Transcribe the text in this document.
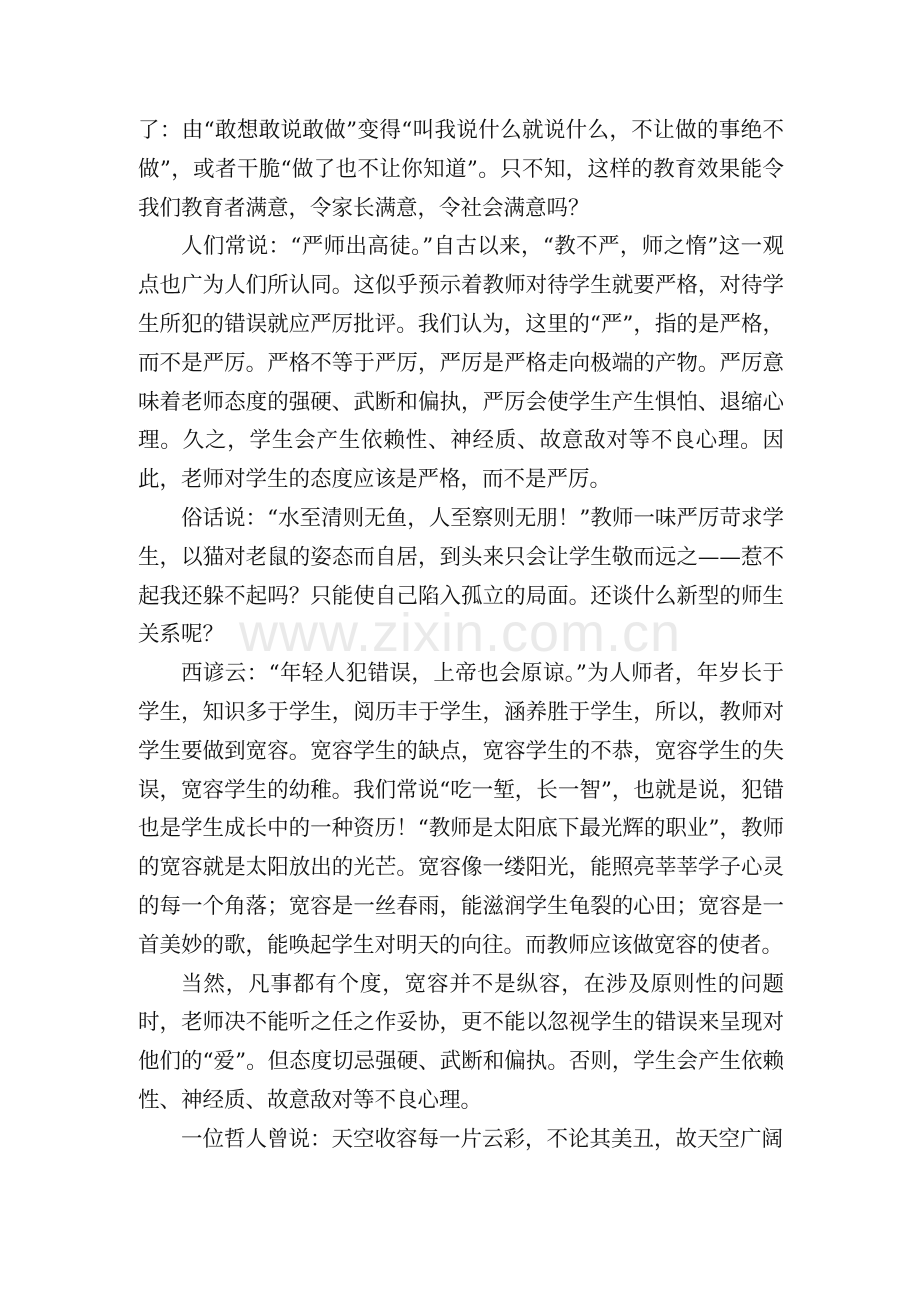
了：由“敢想敢说敢做”变得“叫我说什么就说什么，不让做的事绝不做”，或者干脆“做了也不让你知道”。只不知，这样的教育效果能令我们教育者满意，令家长满意，令社会满意吗？

人们常说：“严师出高徒。”自古以来，“教不严，师之惰”这一观点也广为人们所认同。这似乎预示着教师对待学生就要严格，对待学生所犯的错误就应严厉批评。我们认为，这里的“严”，指的是严格，而不是严厉。严格不等于严厉，严厉是严格走向极端的产物。严厉意味着老师态度的强硬、武断和偏执，严厉会使学生产生惧怕、退缩心理。久之，学生会产生依赖性、神经质、故意敌对等不良心理。因此，老师对学生的态度应该是严格，而不是严厉。

俗话说：“水至清则无鱼，人至察则无朋！”教师一味严厉苛求学生，以猫对老鼠的姿态而自居，到头来只会让学生敬而远之——惹不起我还躲不起吗？只能使自己陷入孤立的局面。还谈什么新型的师生关系呢？

西谚云：“年轻人犯错误，上帝也会原谅。”为人师者，年岁长于学生，知识多于学生，阅历丰于学生，涵养胜于学生，所以，教师对学生要做到宽容。宽容学生的缺点，宽容学生的不恭，宽容学生的失误，宽容学生的幼稚。我们常说“吃一堑，长一智”，也就是说，犯错也是学生成长中的一种资历！“教师是太阳底下最光辉的职业”，教师的宽容就是太阳放出的光芒。宽容像一缕阳光，能照亮莘莘学子心灵的每一个角落；宽容是一丝春雨，能滋润学生龟裂的心田；宽容是一首美妙的歌，能唤起学生对明天的向往。而教师应该做宽容的使者。

当然，凡事都有个度，宽容并不是纵容，在涉及原则性的问题时，老师决不能听之任之作妥协，更不能以忽视学生的错误来呈现对他们的“爱”。但态度切忌强硬、武断和偏执。否则，学生会产生依赖性、神经质、故意敌对等不良心理。

一位哲人曾说：天空收容每一片云彩，不论其美丑，故天空广阔

www.zixin.com.cn
